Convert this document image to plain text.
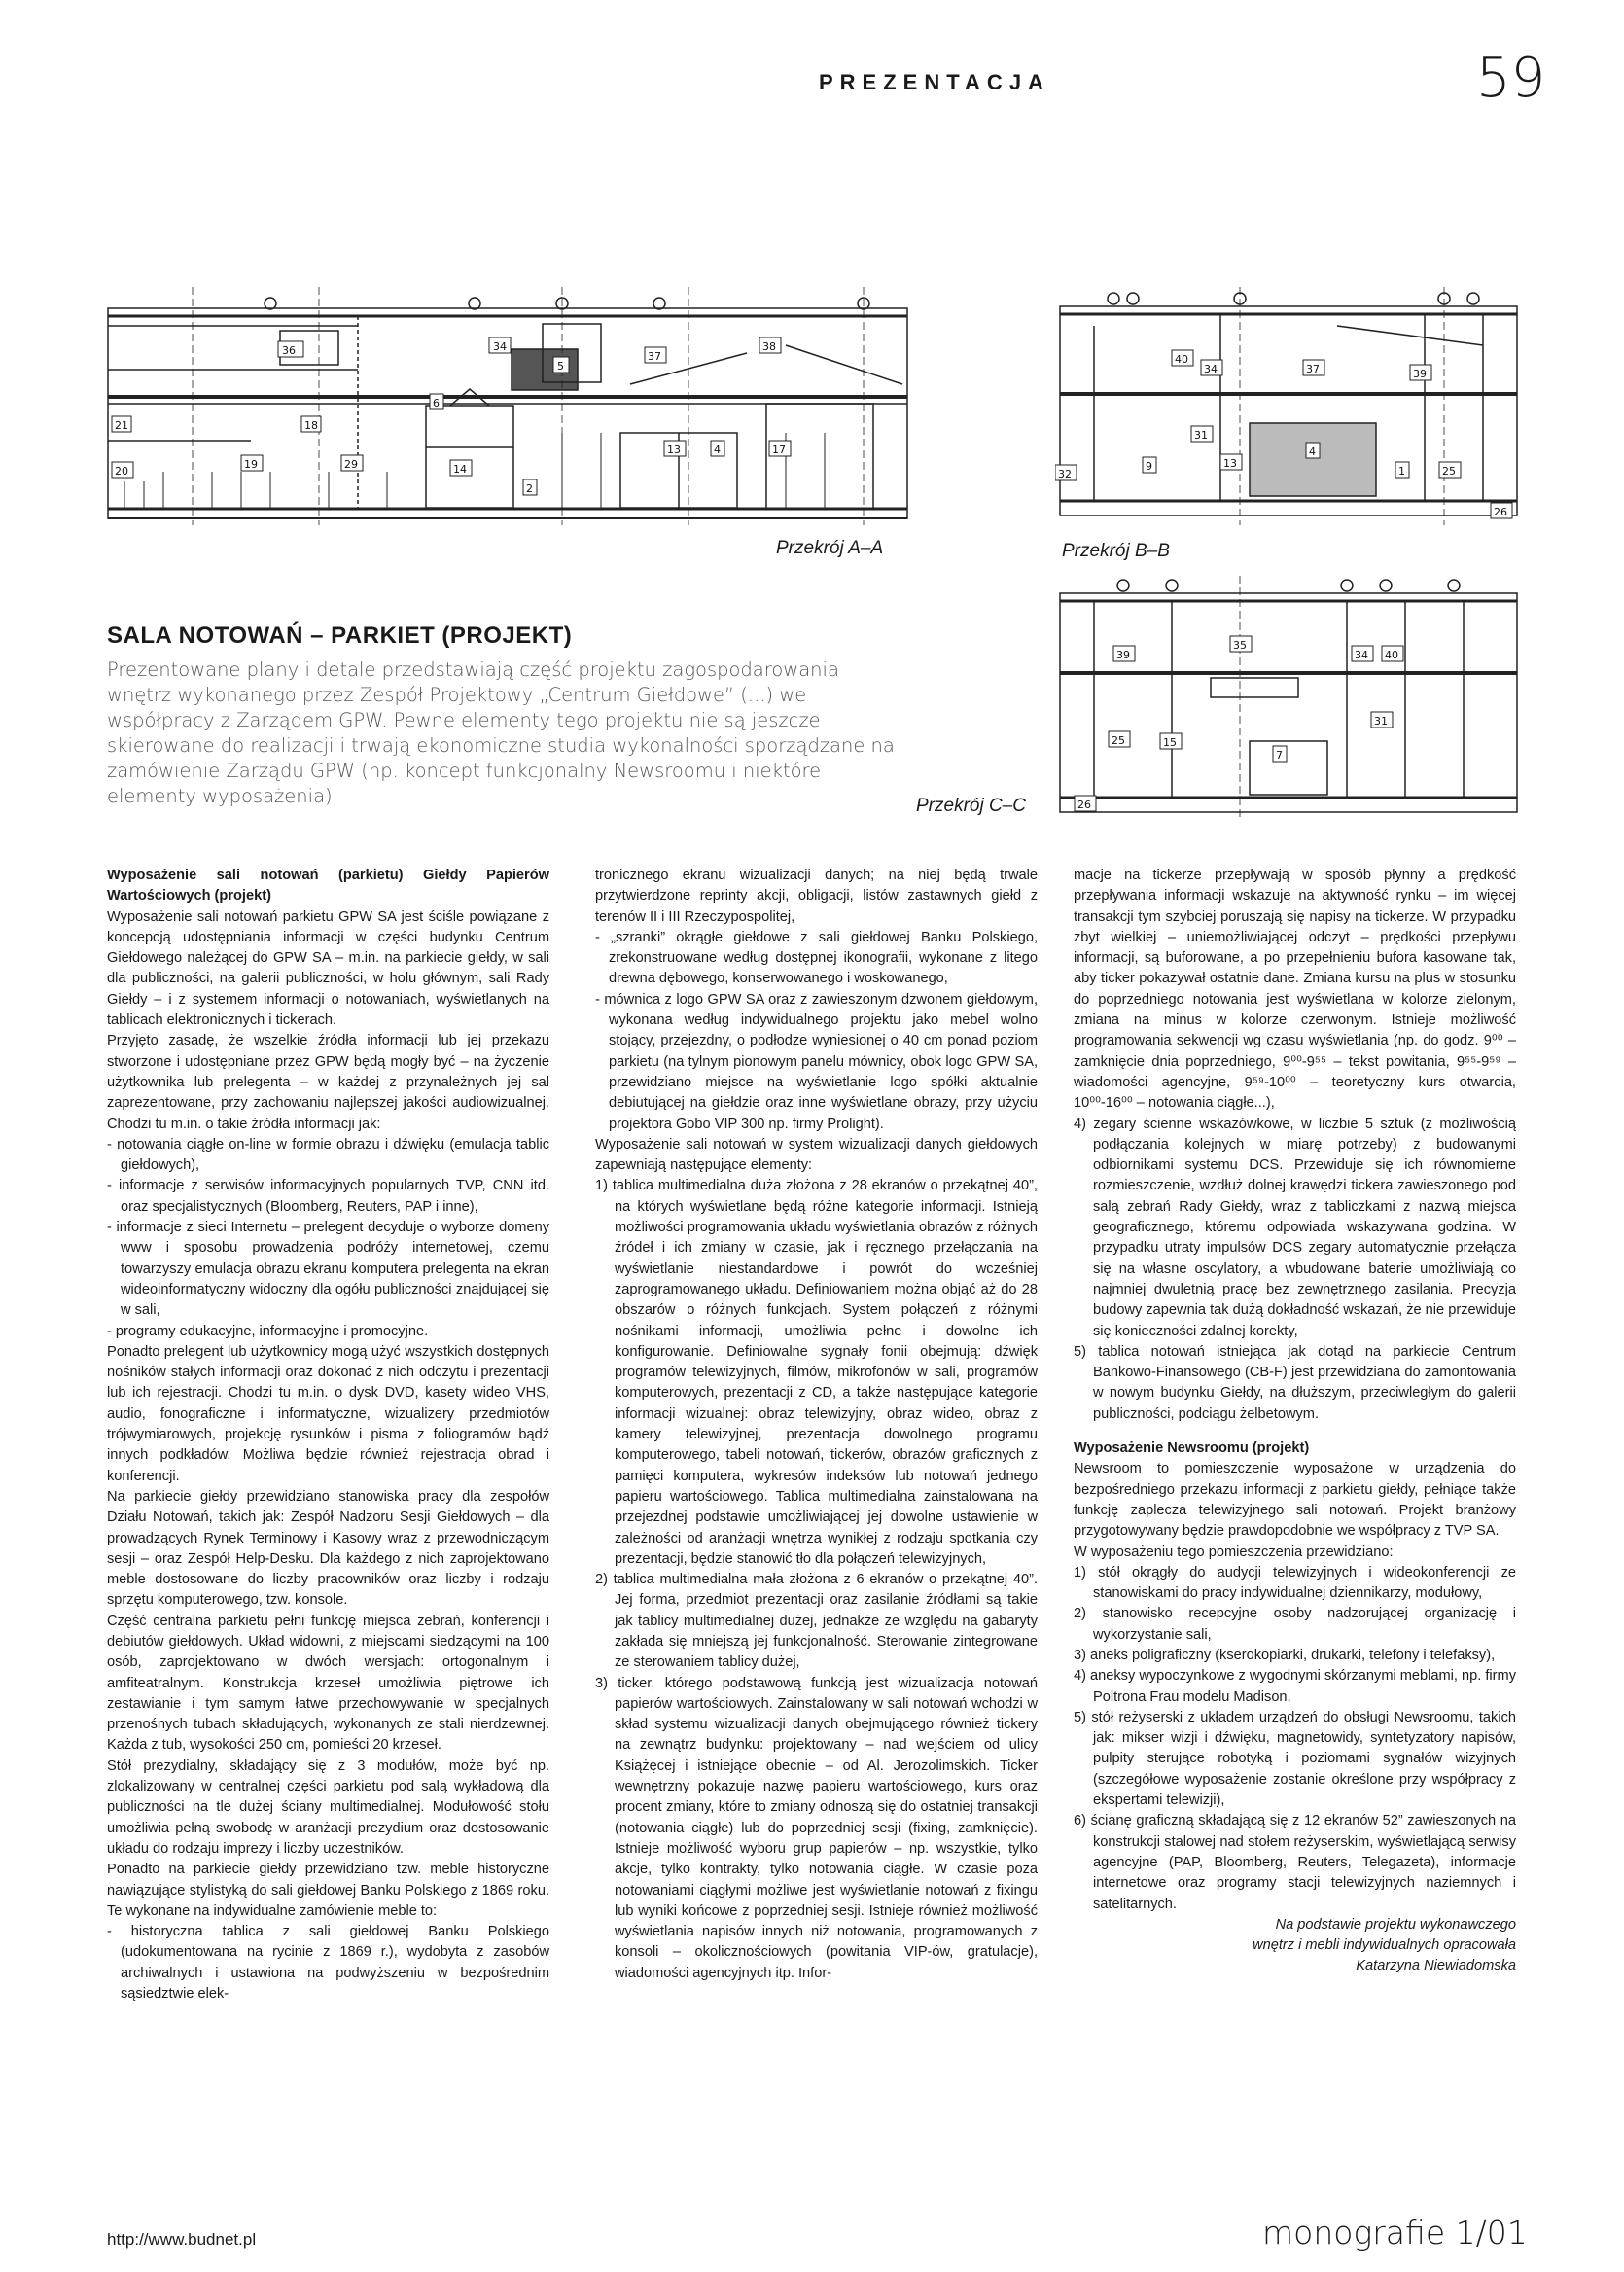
PREZENTACJA	59
36	34
5
37
38
21	18
6
14
29
2
19
13	4	17
20
Przekrój A–A
40
34	37	39
31
4
9	13
1	25
32
26
Przekrój B–B
35
39	34 40
31
25	15
7
26
Przekrój C–C
SALA NOTOWAŃ – PARKIET (PROJEKT)
Prezentowane plany i detale przedstawiają część projektu zagospodarowania wnętrz wykonanego przez Zespół Projektowy „Centrum Giełdowe” (...) we współpracy z Zarządem GPW. Pewne elementy tego projektu nie są jeszcze skierowane do realizacji i trwają ekonomiczne studia wykonalności sporządzane na zamówienie Zarządu GPW (np. koncept funkcjonalny Newsroomu i niektóre elementy wyposażenia)

Wyposażenie sali notowań (parkietu) Giełdy Papierów Wartościowych (projekt)

Wyposażenie sali notowań parkietu GPW SA jest ściśle powiązane z koncepcją udostępniania informacji w części budynku Centrum Giełdowego należącej do GPW SA – m.in. na parkiecie giełdy, w sali dla publiczności, na galerii publiczności, w holu głównym, sali Rady Giełdy – i z systemem informacji o notowaniach, wyświetlanych na tablicach elektronicznych i tickerach.

Przyjęto zasadę, że wszelkie źródła informacji lub jej przekazu stworzone i udostępniane przez GPW będą mogły być – na życzenie użytkownika lub prelegenta – w każdej z przynależnych jej sal zaprezentowane, przy zachowaniu najlepszej jakości audiowizualnej. Chodzi tu m.in. o takie źródła informacji jak:

- notowania ciągłe on-line w formie obrazu i dźwięku (emulacja tablic giełdowych),

- informacje z serwisów informacyjnych popularnych TVP, CNN itd. oraz specjalistycznych (Bloomberg, Reuters, PAP i inne),

- informacje z sieci Internetu – prelegent decyduje o wyborze domeny www i sposobu prowadzenia podróży internetowej, czemu towarzyszy emulacja obrazu ekranu komputera prelegenta na ekran wideoinformatyczny widoczny dla ogółu publiczności znajdującej się w sali,

- programy edukacyjne, informacyjne i promocyjne.

Ponadto prelegent lub użytkownicy mogą użyć wszystkich dostępnych nośników stałych informacji oraz dokonać z nich odczytu i prezentacji lub ich rejestracji. Chodzi tu m.in. o dysk DVD, kasety wideo VHS, audio, fonograficzne i informatyczne, wizualizery przedmiotów trójwymiarowych, projekcję rysunków i pisma z foliogramów bądź innych podkładów. Możliwa będzie również rejestracja obrad i konferencji.

Na parkiecie giełdy przewidziano stanowiska pracy dla zespołów Działu Notowań, takich jak: Zespół Nadzoru Sesji Giełdowych – dla prowadzących Rynek Terminowy i Kasowy wraz z przewodniczącym sesji – oraz Zespół Help-Desku. Dla każdego z nich zaprojektowano meble dostosowane do liczby pracowników oraz liczby i rodzaju sprzętu komputerowego, tzw. konsole.

Część centralna parkietu pełni funkcję miejsca zebrań, konferencji i debiutów giełdowych. Układ widowni, z miejscami siedzącymi na 100 osób, zaprojektowano w dwóch wersjach: ortogonalnym i amfiteatralnym. Konstrukcja krzeseł umożliwia piętrowe ich zestawianie i tym samym łatwe przechowywanie w specjalnych przenośnych tubach składujących, wykonanych ze stali nierdzewnej. Każda z tub, wysokości 250 cm, pomieści 20 krzeseł.

Stół prezydialny, składający się z 3 modułów, może być np. zlokalizowany w centralnej części parkietu pod salą wykładową dla publiczności na tle dużej ściany multimedialnej. Modułowość stołu umożliwia pełną swobodę w aranżacji prezydium oraz dostosowanie układu do rodzaju imprezy i liczby uczestników.

Ponadto na parkiecie giełdy przewidziano tzw. meble historyczne nawiązujące stylistyką do sali giełdowej Banku Polskiego z 1869 roku. Te wykonane na indywidualne zamówienie meble to:

- historyczna tablica z sali giełdowej Banku Polskiego (udokumentowana na rycinie z 1869 r.), wydobyta z zasobów archiwalnych i ustawiona na podwyższeniu w bezpośrednim sąsiedztwie elek-

tronicznego ekranu wizualizacji danych; na niej będą trwale przytwierdzone reprinty akcji, obligacji, listów zastawnych giełd z terenów II i III Rzeczypospolitej,

- „szranki” okrągłe giełdowe z sali giełdowej Banku Polskiego, zrekonstruowane według dostępnej ikonografii, wykonane z litego drewna dębowego, konserwowanego i woskowanego,

- mównica z logo GPW SA oraz z zawieszonym dzwonem giełdowym, wykonana według indywidualnego projektu jako mebel wolno stojący, przejezdny, o podłodze wyniesionej o 40 cm ponad poziom parkietu (na tylnym pionowym panelu mównicy, obok logo GPW SA, przewidziano miejsce na wyświetlanie logo spółki aktualnie debiutującej na giełdzie oraz inne wyświetlane obrazy, przy użyciu projektora Gobo VIP 300 np. firmy Prolight).

Wyposażenie sali notowań w system wizualizacji danych giełdowych zapewniają następujące elementy:

1) tablica multimedialna duża złożona z 28 ekranów o przekątnej 40”, na których wyświetlane będą różne kategorie informacji. Istnieją możliwości programowania układu wyświetlania obrazów z różnych źródeł i ich zmiany w czasie, jak i ręcznego przełączania na wyświetlanie niestandardowe i powrót do wcześniej zaprogramowanego układu. Definiowaniem można objąć aż do 28 obszarów o różnych funkcjach. System połączeń z różnymi nośnikami informacji, umożliwia pełne i dowolne ich konfigurowanie. Definiowalne sygnały fonii obejmują: dźwięk programów telewizyjnych, filmów, mikrofonów w sali, programów komputerowych, prezentacji z CD, a także następujące kategorie informacji wizualnej: obraz telewizyjny, obraz wideo, obraz z kamery telewizyjnej, prezentacja dowolnego programu komputerowego, tabeli notowań, tickerów, obrazów graficznych z pamięci komputera, wykresów indeksów lub notowań jednego papieru wartościowego. Tablica multimedialna zainstalowana na przejezdnej podstawie umożliwiającej jej dowolne ustawienie w zależności od aranżacji wnętrza wynikłej z rodzaju spotkania czy prezentacji, będzie stanowić tło dla połączeń telewizyjnych,

2) tablica multimedialna mała złożona z 6 ekranów o przekątnej 40”. Jej forma, przedmiot prezentacji oraz zasilanie źródłami są takie jak tablicy multimedialnej dużej, jednakże ze względu na gabaryty zakłada się mniejszą jej funkcjonalność. Sterowanie zintegrowane ze sterowaniem tablicy dużej,

3) ticker, którego podstawową funkcją jest wizualizacja notowań papierów wartościowych. Zainstalowany w sali notowań wchodzi w skład systemu wizualizacji danych obejmującego również tickery na zewnątrz budynku: projektowany – nad wejściem od ulicy Książęcej i istniejące obecnie – od Al. Jerozolimskich. Ticker wewnętrzny pokazuje nazwę papieru wartościowego, kurs oraz procent zmiany, które to zmiany odnoszą się do ostatniej transakcji (notowania ciągłe) lub do poprzedniej sesji (fixing, zamknięcie). Istnieje możliwość wyboru grup papierów – np. wszystkie, tylko akcje, tylko kontrakty, tylko notowania ciągłe. W czasie pozа notowaniami ciągłymi możliwe jest wyświetlanie notowań z fixingu lub wyniki końcowe z poprzedniej sesji. Istnieje również możliwość wyświetlania napisów innych niż notowania, programowanych z konsoli – okolicznościowych (powitania VIP-ów, gratulacje), wiadomości agencyjnych itp. Infor-

macje na tickerze przepływają w sposób płynny a prędkość przepływania informacji wskazuje na aktywność rynku – im więcej transakcji tym szybciej poruszają się napisy na tickerze. W przypadku zbyt wielkiej – uniemożliwiającej odczyt – prędkości przepływu informacji, są buforowane, a po przepełnieniu bufora kasowane tak, aby ticker pokazywał ostatnie dane. Zmiana kursu na plus w stosunku do poprzedniego notowania jest wyświetlana w kolorze zielonym, zmiana na minus w kolorze czerwonym. Istnieje możliwość programowania sekwencji wg czasu wyświetlania (np. do godz. 9⁰⁰ – zamknięcie dnia poprzedniego, 9⁰⁰-9⁵⁵ – tekst powitania, 9⁵⁵-9⁵⁹ – wiadomości agencyjne, 9⁵⁹-10⁰⁰ – teoretyczny kurs otwarcia, 10⁰⁰-16⁰⁰ – notowania ciągłe...),

4) zegary ścienne wskazówkowe, w liczbie 5 sztuk (z możliwością podłączania kolejnych w miarę potrzeby) z budowanymi odbiornikami systemu DCS. Przewiduje się ich równomierne rozmieszczenie, wzdłuż dolnej krawędzi tickera zawieszonego pod salą zebrań Rady Giełdy, wraz z tabliczkami z nazwą miejsca geograficznego, któremu odpowiada wskazywana godzina. W przypadku utraty impulsów DCS zegary automatycznie przełącza się na własne oscylatory, a wbudowane baterie umożliwiają co najmniej dwuletnią pracę bez zewnętrznego zasilania. Precyzja budowy zapewnia tak dużą dokładność wskazań, że nie przewiduje się konieczności zdalnej korekty,

5) tablica notowań istniejąca jak dotąd na parkiecie Centrum Bankowo-Finansowego (CB-F) jest przewidziana do zamontowania w nowym budynku Giełdy, na dłuższym, przeciwległym do galerii publiczności, podciągu żelbetowym.

Wyposażenie Newsroomu (projekt)

Newsroom to pomieszczenie wyposażone w urządzenia do bezpośredniego przekazu informacji z parkietu giełdy, pełniące także funkcję zaplecza telewizyjnego sali notowań. Projekt branżowy przygotowywany będzie prawdopodobnie we współpracy z TVP SA.

W wyposażeniu tego pomieszczenia przewidziano:

1) stół okrągły do audycji telewizyjnych i wideokonferencji ze stanowiskami do pracy indywidualnej dziennikarzy, modułowy,

2) stanowisko recepcyjne osoby nadzorującej organizację i wykorzystanie sali,

3) aneks poligraficzny (kserokopiarki, drukarki, telefony i telefaksy),

4) aneksy wypoczynkowe z wygodnymi skórzanymi meblami, np. firmy Poltrona Frau modelu Madison,

5) stół reżyserski z układem urządzeń do obsługi Newsroomu, takich jak: mikser wizji i dźwięku, magnetowidy, syntetyzatory napisów, pulpity sterujące robotyką i poziomami sygnałów wizyjnych (szczegółowe wyposażenie zostanie określone przy współpracy z ekspertami telewizji),

6) ścianę graficzną składającą się z 12 ekranów 52” zawieszonych na konstrukcji stalowej nad stołem reżyserskim, wyświetlającą serwisy agencyjne (PAP, Bloomberg, Reuters, Telegazeta), informacje internetowe oraz programy stacji telewizyjnych naziemnych i satelitarnych.

Na podstawie projektu wykonawczego

wnętrz i mebli indywidualnych opracowała

Katarzyna Niewiadomska

http://www.budnet.pl	monografie 1/01
